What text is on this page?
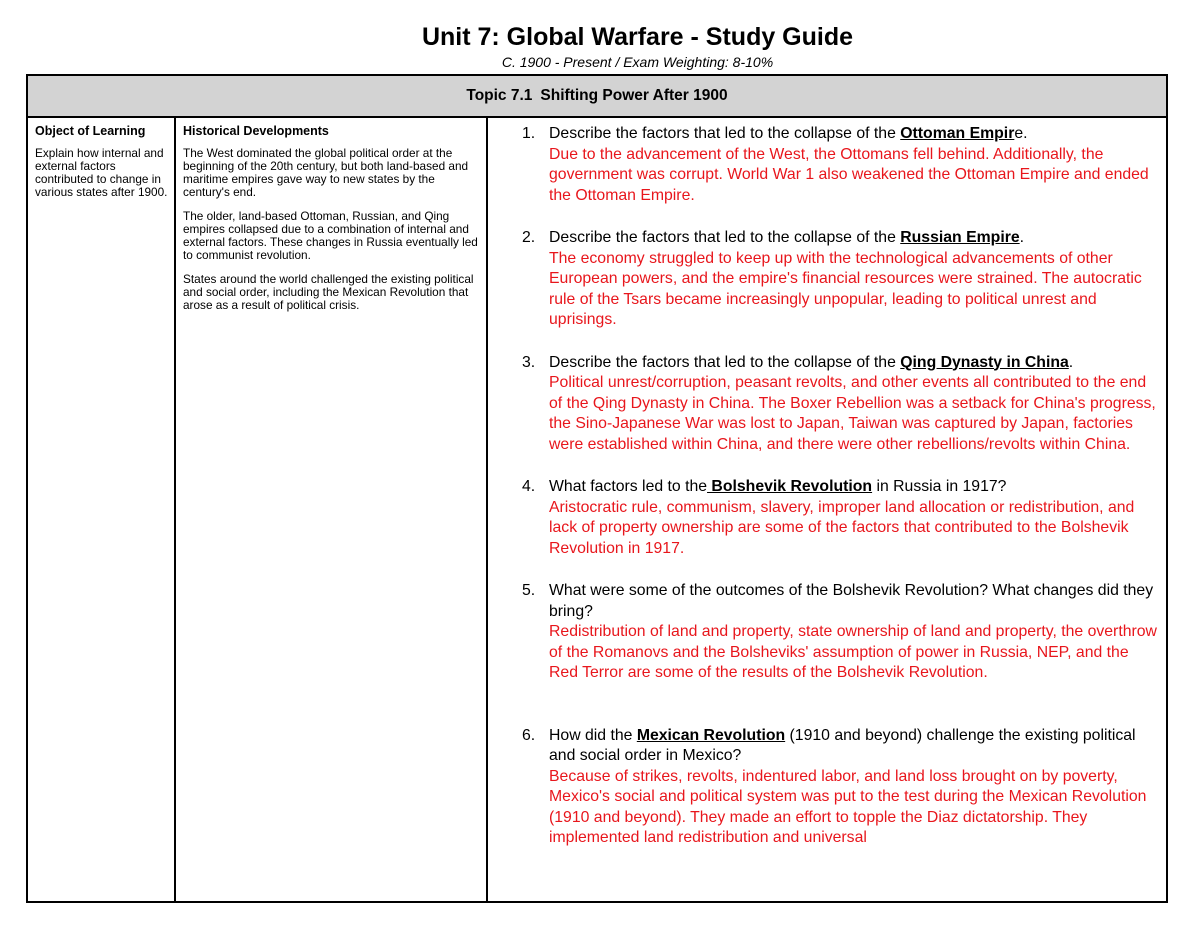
Unit 7: Global Warfare - Study Guide
C. 1900 - Present / Exam Weighting: 8-10%
Topic 7.1 Shifting Power After 1900
Object of Learning

Explain how internal and external factors contributed to change in various states after 1900.

Historical Developments

The West dominated the global political order at the beginning of the 20th century, but both land-based and maritime empires gave way to new states by the century's end.

The older, land-based Ottoman, Russian, and Qing empires collapsed due to a combination of internal and external factors. These changes in Russia eventually led to communist revolution.

States around the world challenged the existing political and social order, including the Mexican Revolution that arose as a result of political crisis.

1. Describe the factors that led to the collapse of the Ottoman Empire.
Due to the advancement of the West, the Ottomans fell behind. Additionally, the government was corrupt. World War 1 also weakened the Ottoman Empire and ended the Ottoman Empire.
2. Describe the factors that led to the collapse of the Russian Empire.
The economy struggled to keep up with the technological advancements of other European powers, and the empire's financial resources were strained. The autocratic rule of the Tsars became increasingly unpopular, leading to political unrest and uprisings.
3. Describe the factors that led to the collapse of the Qing Dynasty in China.
Political unrest/corruption, peasant revolts, and other events all contributed to the end of the Qing Dynasty in China. The Boxer Rebellion was a setback for China's progress, the Sino-Japanese War was lost to Japan, Taiwan was captured by Japan, factories were established within China, and there were other rebellions/revolts within China.
4. What factors led to the Bolshevik Revolution in Russia in 1917?
Aristocratic rule, communism, slavery, improper land allocation or redistribution, and lack of property ownership are some of the factors that contributed to the Bolshevik Revolution in 1917.
5. What were some of the outcomes of the Bolshevik Revolution? What changes did they bring?
Redistribution of land and property, state ownership of land and property, the overthrow of the Romanovs and the Bolsheviks' assumption of power in Russia, NEP, and the Red Terror are some of the results of the Bolshevik Revolution.
6. How did the Mexican Revolution (1910 and beyond) challenge the existing political and social order in Mexico?
Because of strikes, revolts, indentured labor, and land loss brought on by poverty, Mexico's social and political system was put to the test during the Mexican Revolution (1910 and beyond). They made an effort to topple the Diaz dictatorship. They implemented land redistribution and universal
